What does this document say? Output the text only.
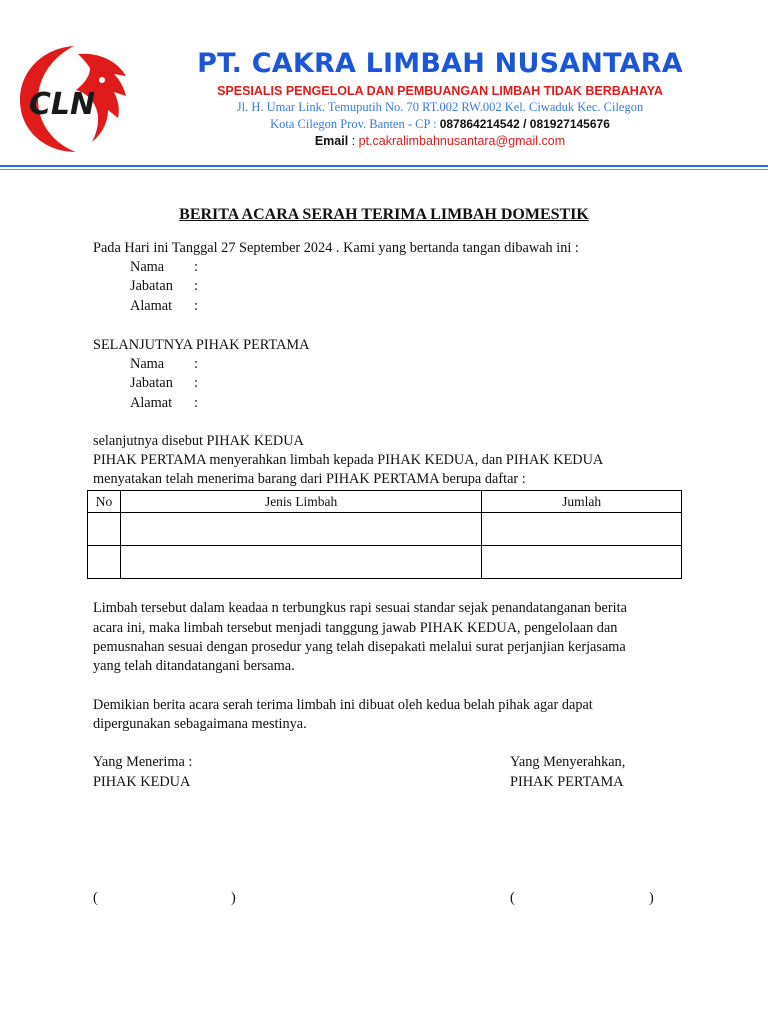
CLN
PT. CAKRA LIMBAH NUSANTARA
SPESIALIS PENGELOLA DAN PEMBUANGAN LIMBAH TIDAK BERBAHAYA
Jl. H. Umar Link. Temuputih No. 70 RT.002 RW.002 Kel. Ciwaduk Kec. Cilegon
Kota Cilegon Prov. Banten - CP : 087864214542 / 081927145676
Email : pt.cakralimbahnusantara@gmail.com
BERITA ACARA SERAH TERIMA LIMBAH DOMESTIK
Pada Hari ini Tanggal 27 September 2024 . Kami yang bertanda tangan dibawah ini :
Nama :
Jabatan :
Alamat :
SELANJUTNYA PIHAK PERTAMA
Nama :
Jabatan :
Alamat :
selanjutnya disebut PIHAK KEDUA
PIHAK PERTAMA menyerahkan limbah kepada PIHAK KEDUA, dan PIHAK KEDUA
menyatakan telah menerima barang dari PIHAK PERTAMA berupa daftar :
No	Jenis Limbah	Jumlah

Limbah tersebut dalam keadaa n terbungkus rapi sesuai standar sejak penandatanganan berita
acara ini, maka limbah tersebut menjadi tanggung jawab PIHAK KEDUA, pengelolaan dan
pemusnahan sesuai dengan prosedur yang telah disepakati melalui surat perjanjian kerjasama
yang telah ditandatangani bersama.
Demikian berita acara serah terima limbah ini dibuat oleh kedua belah pihak agar dapat
dipergunakan sebagaimana mestinya.
Yang Menerima :
PIHAK KEDUA
Yang Menyerahkan,
PIHAK PERTAMA
(	)	(	)
